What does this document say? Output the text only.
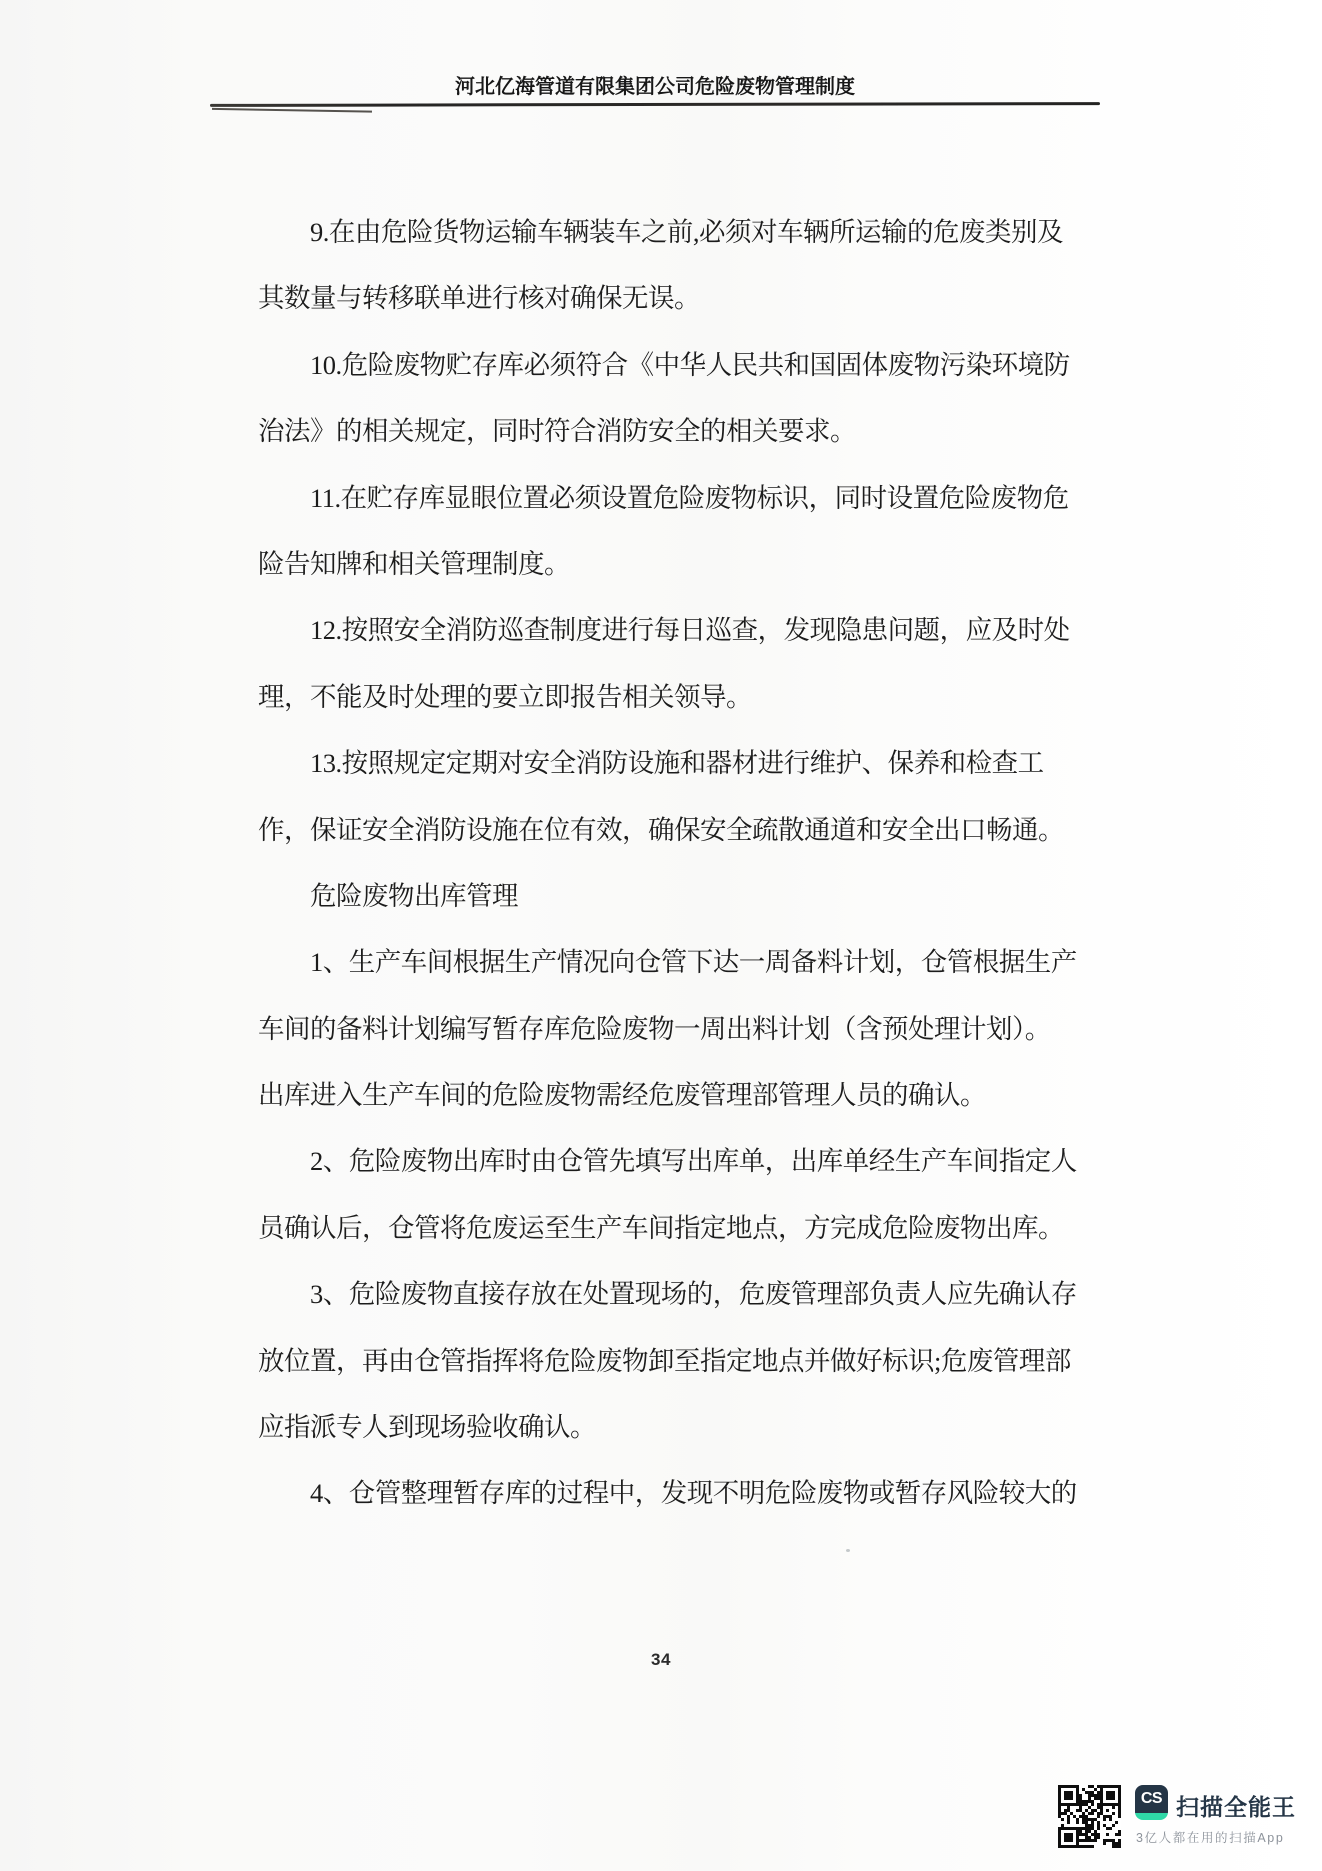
河北亿海管道有限集团公司危险废物管理制度
9.在由危险货物运输车辆装车之前,必须对车辆所运输的危废类别及
其数量与转移联单进行核对确保无误。
10.危险废物贮存库必须符合《中华人民共和国固体废物污染环境防
治法》的相关规定，同时符合消防安全的相关要求。
11.在贮存库显眼位置必须设置危险废物标识，同时设置危险废物危
险告知牌和相关管理制度。
12.按照安全消防巡查制度进行每日巡查，发现隐患问题，应及时处
理，不能及时处理的要立即报告相关领导。
13.按照规定定期对安全消防设施和器材进行维护、保养和检查工
作，保证安全消防设施在位有效，确保安全疏散通道和安全出口畅通。
危险废物出库管理
1、生产车间根据生产情况向仓管下达一周备料计划，仓管根据生产
车间的备料计划编写暂存库危险废物一周出料计划（含预处理计划）。
出库进入生产车间的危险废物需经危废管理部管理人员的确认。
2、危险废物出库时由仓管先填写出库单，出库单经生产车间指定人
员确认后，仓管将危废运至生产车间指定地点，方完成危险废物出库。
3、危险废物直接存放在处置现场的，危废管理部负责人应先确认存
放位置，再由仓管指挥将危险废物卸至指定地点并做好标识;危废管理部
应指派专人到现场验收确认。
4、仓管整理暂存库的过程中，发现不明危险废物或暂存风险较大的
34
CS 扫描全能王
3亿人都在用的扫描App
